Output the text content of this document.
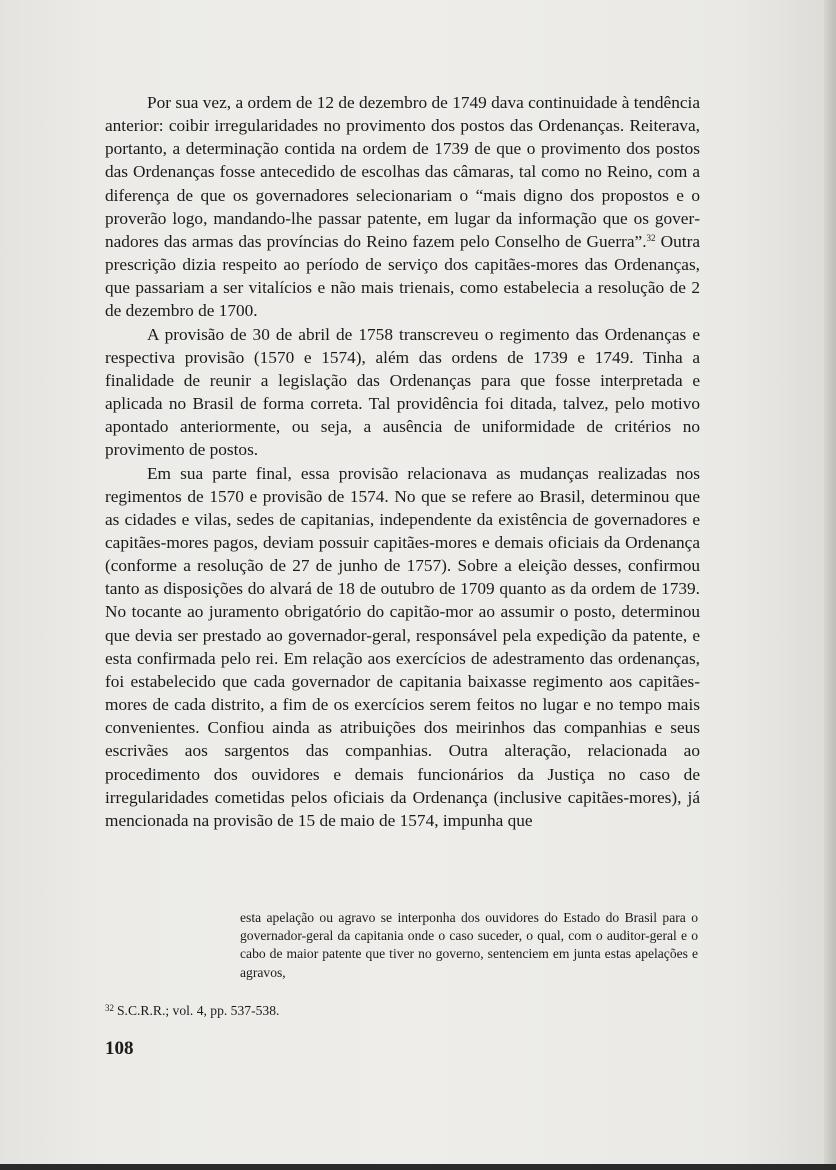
Por sua vez, a ordem de 12 de dezembro de 1749 dava continuidade à tendência anterior: coibir irregularidades no provimento dos postos das Ordenanças. Reiterava, portanto, a determinação contida na ordem de 1739 de que o provimento dos postos das Ordenanças fosse antecedido de escolhas das câmaras, tal como no Reino, com a diferença de que os governadores selecionariam o “mais digno dos propostos e o proverão logo, mandando-lhe passar patente, em lugar da informação que os governadores das armas das províncias do Reino fazem pelo Conselho de Guerra”.$^{32}$ Outra prescrição dizia respeito ao período de serviço dos capitães-mores das Ordenanças, que passariam a ser vitalícios e não mais trienais, como estabelecia a resolução de 2 de dezembro de 1700.

A provisão de 30 de abril de 1758 transcreveu o regimento das Ordenanças e respectiva provisão (1570 e 1574), além das ordens de 1739 e 1749. Tinha a finalidade de reunir a legislação das Ordenanças para que fosse interpretada e aplicada no Brasil de forma correta. Tal providência foi ditada, talvez, pelo motivo apontado anteriormente, ou seja, a ausência de uniformidade de critérios no provimento de postos.

Em sua parte final, essa provisão relacionava as mudanças realizadas nos regimentos de 1570 e provisão de 1574. No que se refere ao Brasil, determinou que as cidades e vilas, sedes de capitanias, independente da existência de governadores e capitães-mores pagos, deviam possuir capitães-mores e demais oficiais da Ordenança (conforme a resolução de 27 de junho de 1757). Sobre a eleição desses, confirmou tanto as disposições do alvará de 18 de outubro de 1709 quanto as da ordem de 1739. No tocante ao juramento obrigatório do capitão-mor ao assumir o posto, determinou que devia ser prestado ao governador-geral, responsável pela expedição da patente, e esta confirmada pelo rei. Em relação aos exercícios de adestramento das ordenanças, foi estabelecido que cada governador de capitania baixasse regimento aos capitães-mores de cada distrito, a fim de os exercícios serem feitos no lugar e no tempo mais convenientes. Confiou ainda as atribuições dos meirinhos das companhias e seus escrivães aos sargentos das companhias. Outra alteração, relacionada ao procedimento dos ouvidores e demais funcionários da Justiça no caso de irregularidades cometidas pelos oficiais da Ordenança (inclusive capitães-mores), já mencionada na provisão de 15 de maio de 1574, impunha que

esta apelação ou agravo se interponha dos ouvidores do Estado do Brasil para o governador-geral da capitania onde o caso suceder, o qual, com o auditor-geral e o cabo de maior patente que tiver no governo, sentenciem em junta estas apelações e agravos,
$^{32}$ S.C.R.R.; vol. 4, pp. 537-538.
108
